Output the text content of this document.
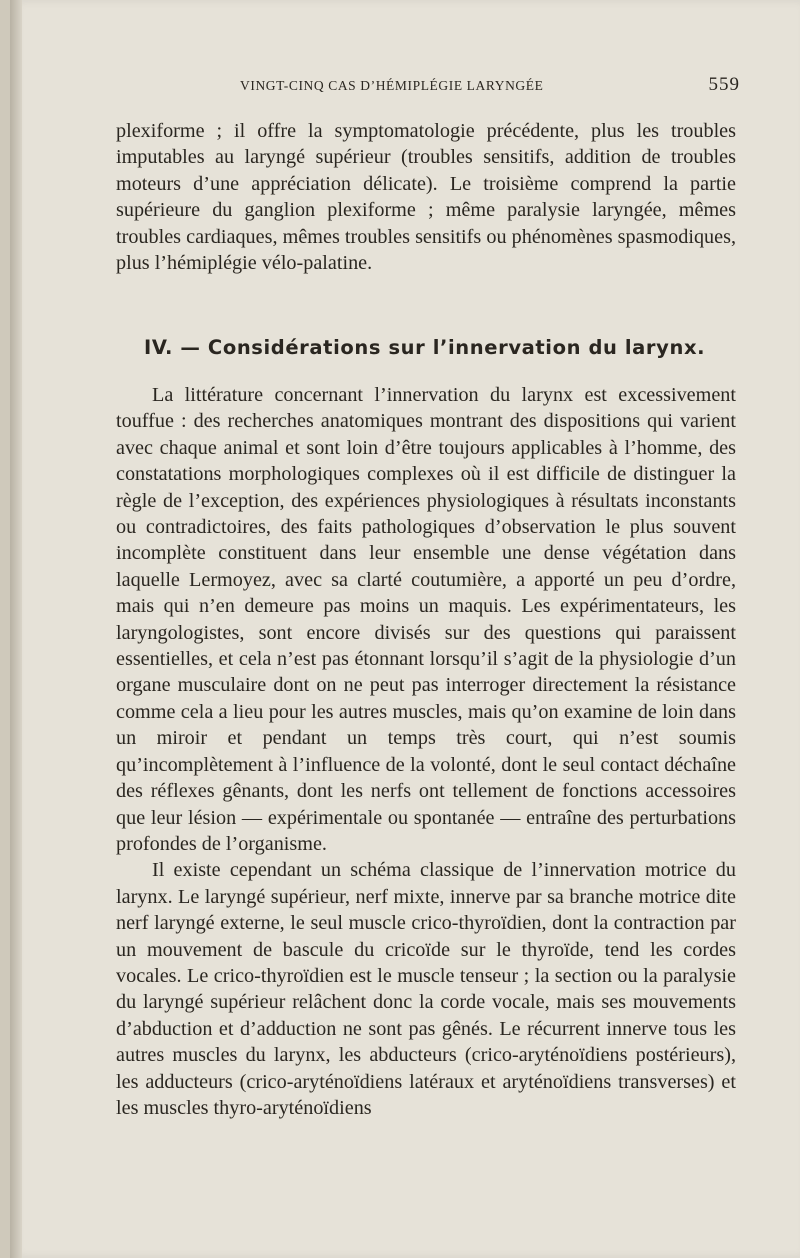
VINGT-CINQ CAS D’HÉMIPLÉGIE LARYNGÉE	559

plexiforme ; il offre la symptomatologie précédente, plus les troubles imputables au laryngé supérieur (troubles sensitifs, addition de troubles moteurs d’une appréciation délicate). Le troisième comprend la partie supérieure du ganglion plexiforme ; même paralysie laryngée, mêmes troubles cardiaques, mêmes troubles sensitifs ou phénomènes spasmodiques, plus l’hémiplégie vélo-palatine.

IV. — Considérations sur l’innervation du larynx.

La littérature concernant l’innervation du larynx est excessivement touffue : des recherches anatomiques montrant des dispositions qui varient avec chaque animal et sont loin d’être toujours applicables à l’homme, des constatations morphologiques complexes où il est difficile de distinguer la règle de l’exception, des expériences physiologiques à résultats inconstants ou contradictoires, des faits pathologiques d’observation le plus souvent incomplète constituent dans leur ensemble une dense végétation dans laquelle Lermoyez, avec sa clarté coutumière, a apporté un peu d’ordre, mais qui n’en demeure pas moins un maquis. Les expérimentateurs, les laryngologistes, sont encore divisés sur des questions qui paraissent essentielles, et cela n’est pas étonnant lorsqu’il s’agit de la physiologie d’un organe musculaire dont on ne peut pas interroger directement la résistance comme cela a lieu pour les autres muscles, mais qu’on examine de loin dans un miroir et pendant un temps très court, qui n’est soumis qu’incomplètement à l’influence de la volonté, dont le seul contact déchaîne des réflexes gênants, dont les nerfs ont tellement de fonctions accessoires que leur lésion — expérimentale ou spontanée — entraîne des perturbations profondes de l’organisme.

Il existe cependant un schéma classique de l’innervation motrice du larynx. Le laryngé supérieur, nerf mixte, innerve par sa branche motrice dite nerf laryngé externe, le seul muscle crico-thyroïdien, dont la contraction par un mouvement de bascule du cricoïde sur le thyroïde, tend les cordes vocales. Le crico-thyroïdien est le muscle tenseur ; la section ou la paralysie du laryngé supérieur relâchent donc la corde vocale, mais ses mouvements d’abduction et d’adduction ne sont pas gênés. Le récurrent innerve tous les autres muscles du larynx, les abducteurs (crico-aryténoïdiens postérieurs), les adducteurs (crico-aryténoïdiens latéraux et aryténoïdiens transverses) et les muscles thyro-aryténoïdiens
